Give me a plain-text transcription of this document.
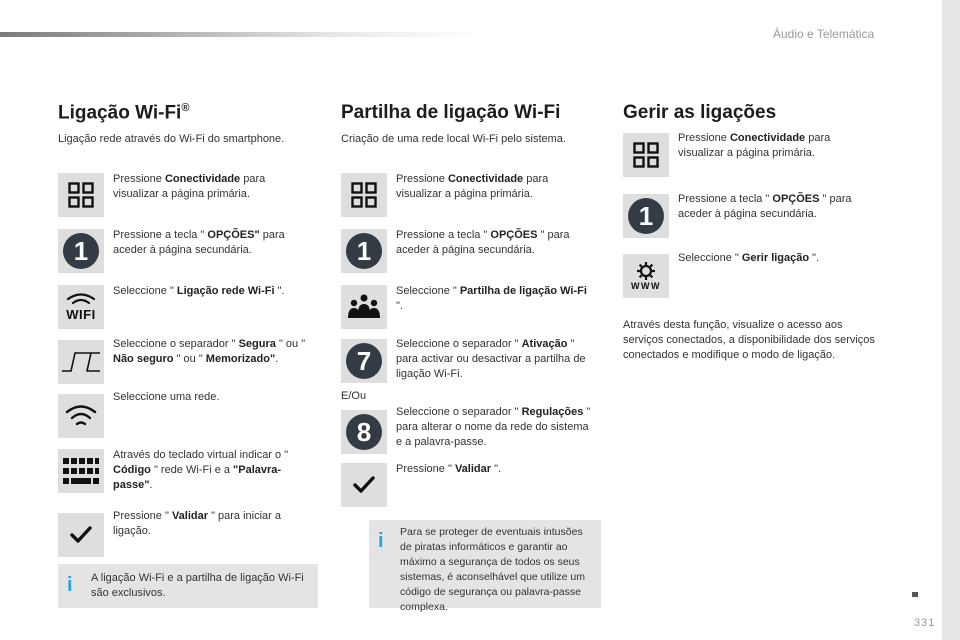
Áudio e Telemática
331
Ligação Wi-Fi®
Ligação rede através do Wi-Fi do smartphone.
Pressione Conectividade para visualizar a página primária.
1
Pressione a tecla " OPÇÕES" para aceder à página secundária.
WIFI
Seleccione " Ligação rede Wi-Fi ".
Seleccione o separador " Segura " ou " Não seguro " ou " Memorizado".
Seleccione uma rede.
Através do teclado virtual indicar o " Código " rede Wi-Fi e a "Palavra-passe".
Pressione " Validar " para iniciar a ligação.
i A ligação Wi-Fi e a partilha de ligação Wi-Fi são exclusivos.
Partilha de ligação Wi-Fi
Criação de uma rede local Wi-Fi pelo sistema.
Pressione Conectividade para visualizar a página primária.
1
Pressione a tecla " OPÇÕES " para aceder à página secundária.
Seleccione " Partilha de ligação Wi-Fi ".
7
Seleccione o separador " Ativação " para activar ou desactivar a partilha de ligação Wi-Fi.
E/Ou
8
Seleccione o separador " Regulações " para alterar o nome da rede do sistema e a palavra-passe.
Pressione " Validar ".
i Para se proteger de eventuais intusões de piratas informáticos e garantir ao máximo a segurança de todos os seus sistemas, é aconselhável que utilize um código de segurança ou palavra-passe complexa.
Gerir as ligações
Pressione Conectividade para visualizar a página primária.
1
Pressione a tecla " OPÇÕES " para aceder à página secundária.
WWW
Seleccione " Gerir ligação ".
Através desta função, visualize o acesso aos serviços conectados, a disponibilidade dos serviços conectados e modifique o modo de ligação.
